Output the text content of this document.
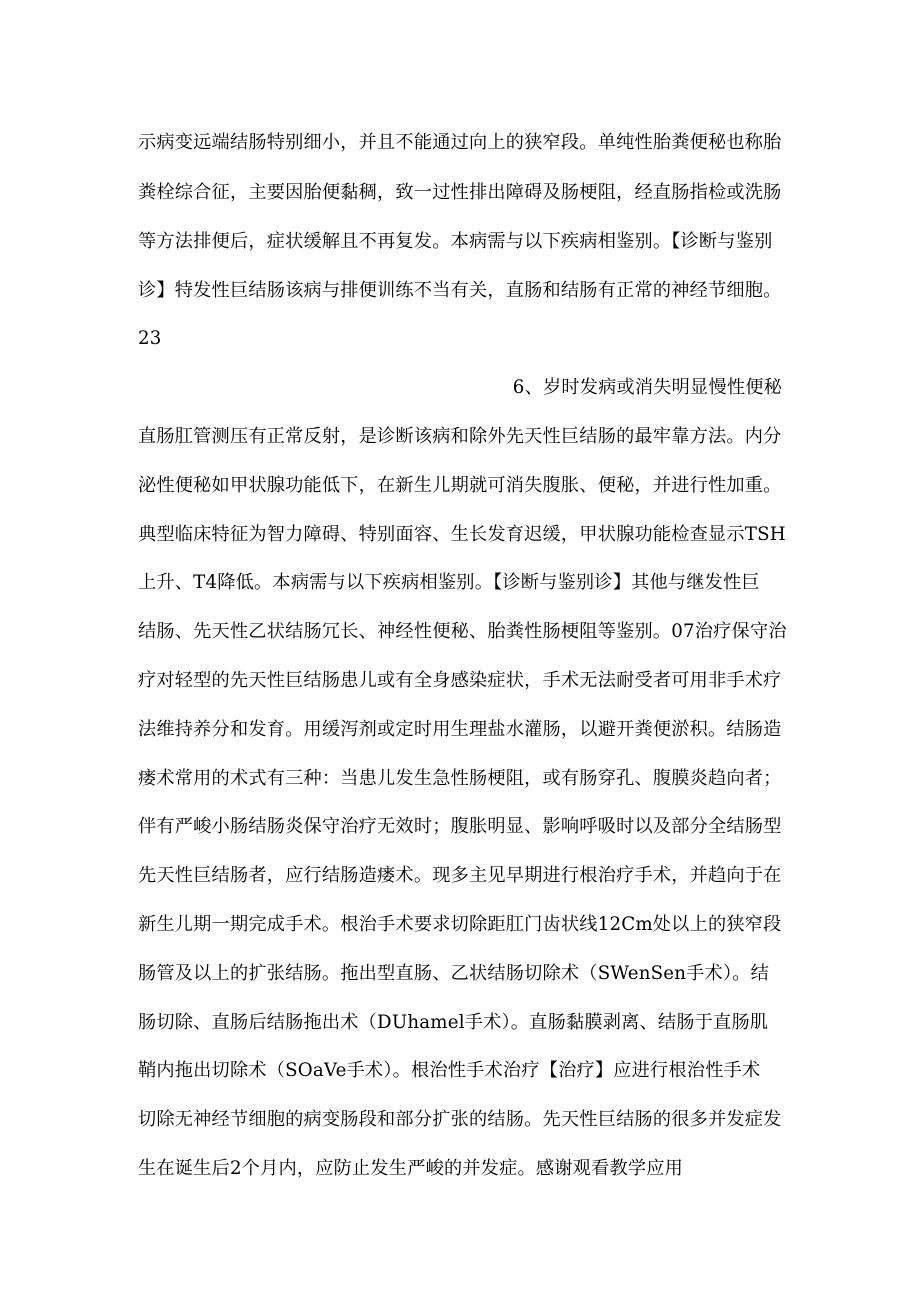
示病变远端结肠特别细小，并且不能通过向上的狭窄段。单纯性胎粪便秘也称胎
粪栓综合征，主要因胎便黏稠，致一过性排出障碍及肠梗阻，经直肠指检或洗肠
等方法排便后，症状缓解且不再复发。本病需与以下疾病相鉴别。【诊断与鉴别
诊】特发性巨结肠该病与排便训练不当有关，直肠和结肠有正常的神经节细胞。
23
6、岁时发病或消失明显慢性便秘
直肠肛管测压有正常反射，是诊断该病和除外先天性巨结肠的最牢靠方法。内分
泌性便秘如甲状腺功能低下，在新生儿期就可消失腹胀、便秘，并进行性加重。
典型临床特征为智力障碍、特别面容、生长发育迟缓，甲状腺功能检查显示TSH
上升、T4降低。本病需与以下疾病相鉴别。【诊断与鉴别诊】其他与继发性巨
结肠、先天性乙状结肠冗长、神经性便秘、胎粪性肠梗阻等鉴别。07治疗保守治
疗对轻型的先天性巨结肠患儿或有全身感染症状，手术无法耐受者可用非手术疗
法维持养分和发育。用缓泻剂或定时用生理盐水灌肠，以避开粪便淤积。结肠造
瘘术常用的术式有三种：当患儿发生急性肠梗阻，或有肠穿孔、腹膜炎趋向者；
伴有严峻小肠结肠炎保守治疗无效时；腹胀明显、影响呼吸时以及部分全结肠型
先天性巨结肠者，应行结肠造瘘术。现多主见早期进行根治疗手术，并趋向于在
新生儿期一期完成手术。根治手术要求切除距肛门齿状线12Cm处以上的狭窄段
肠管及以上的扩张结肠。拖出型直肠、乙状结肠切除术（SWenSen手术）。结
肠切除、直肠后结肠拖出术（DUhamel手术）。直肠黏膜剥离、结肠于直肠肌
鞘内拖出切除术（SOaVe手术）。根治性手术治疗【治疗】应进行根治性手术
切除无神经节细胞的病变肠段和部分扩张的结肠。先天性巨结肠的很多并发症发
生在诞生后2个月内，应防止发生严峻的并发症。感谢观看教学应用
